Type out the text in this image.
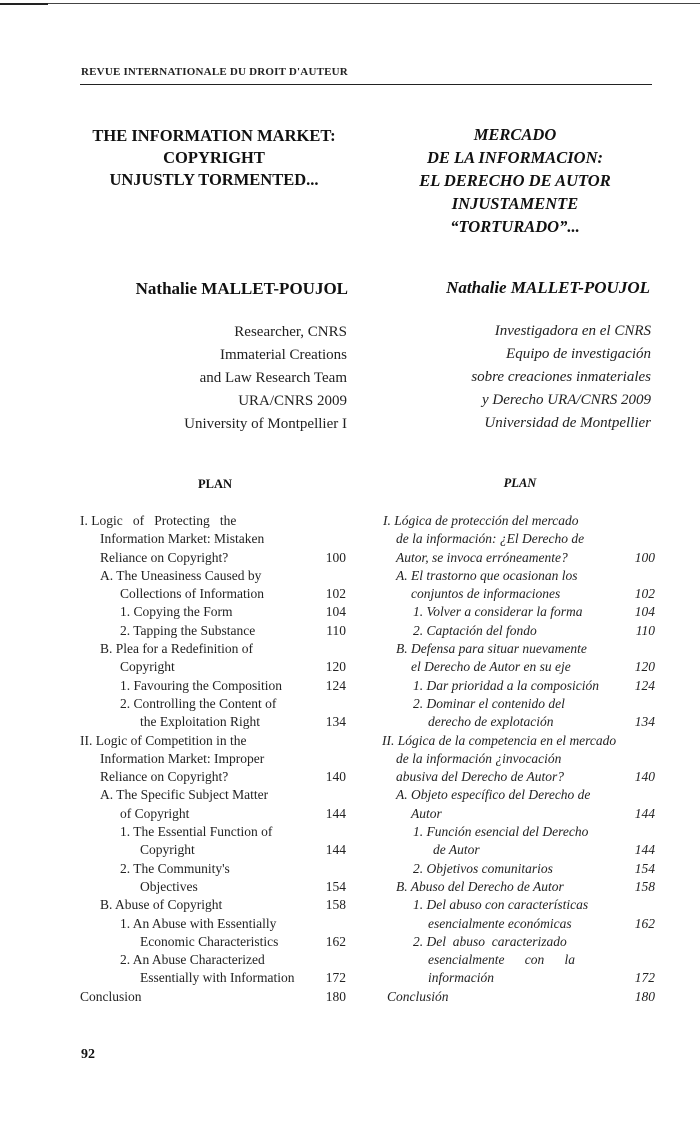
REVUE INTERNATIONALE DU DROIT D'AUTEUR
THE INFORMATION MARKET:
COPYRIGHT
UNJUSTLY TORMENTED...
MERCADO
DE LA INFORMACION:
EL DERECHO DE AUTOR
INJUSTAMENTE
“TORTURADO”...
Nathalie MALLET-POUJOL	Nathalie MALLET-POUJOL
Researcher, CNRS
Immaterial Creations
and Law Research Team
URA/CNRS 2009
University of Montpellier I
Investigadora en el CNRS
Equipo de investigación
sobre creaciones inmateriales
y Derecho URA/CNRS 2009
Universidad de Montpellier
PLAN	PLAN
I. Logic   of   Protecting   the
Information Market: Mistaken
Reliance on Copyright?	100
A. The Uneasiness Caused by
Collections of Information	102
1. Copying the Form	104
2. Tapping the Substance	110
B. Plea for a Redefinition of
Copyright	120
1. Favouring the Composition	124
2. Controlling the Content of
the Exploitation Right	134
II. Logic of Competition in the
Information Market: Improper
Reliance on Copyright?	140
A. The Specific Subject Matter
of Copyright	144
1. The Essential Function of
Copyright	144
2. The Community's
Objectives	154
B. Abuse of Copyright	158
1. An Abuse with Essentially
Economic Characteristics	162
2. An Abuse Characterized
Essentially with Information 172
Conclusion	180
I. Lógica de protección del mercado
de la información: ¿El Derecho de
Autor, se invoca erróneamente?	100
A. El trastorno que ocasionan los
conjuntos de informaciones	102
1. Volver a considerar la forma	104
2. Captación del fondo	110
B. Defensa para situar nuevamente
el Derecho de Autor en su eje	120
1. Dar prioridad a la composición	124
2. Dominar el contenido del
derecho de explotación	134
II. Lógica de la competencia en el mercado
de la información ¿invocación
abusiva del Derecho de Autor?	140
A. Objeto específico del Derecho de
Autor	144
1. Función esencial del Derecho
de Autor	144
2. Objetivos comunitarios	154
B. Abuso del Derecho de Autor	158
1. Del abuso con características
esencialmente económicas	162
2. Del  abuso  caracterizado
esencialmente      con      la
información	172
Conclusión	180
92
